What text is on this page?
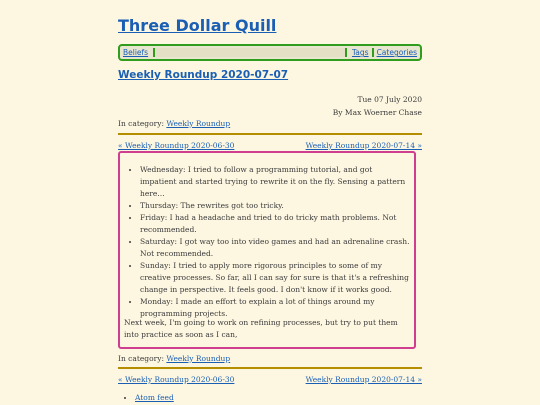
Three Dollar Quill
Beliefs	Tags	Categories
Weekly Roundup 2020-07-07
Tue 07 July 2020
By Max Woerner Chase
In category: Weekly Roundup
« Weekly Roundup 2020-06-30	Weekly Roundup 2020-07-14 »
• Wednesday: I tried to follow a programming tutorial, and got impatient and started trying to rewrite it on the fly. Sensing a pattern here…
• Thursday: The rewrites got too tricky.
• Friday: I had a headache and tried to do tricky math problems. Not recommended.
• Saturday: I got way too into video games and had an adrenaline crash. Not recommended.
• Sunday: I tried to apply more rigorous principles to some of my creative processes. So far, all I can say for sure is that it's a refreshing change in perspective. It feels good. I don't know if it works good.
• Monday: I made an effort to explain a lot of things around my programming projects.

Next week, I'm going to work on refining processes, but try to put them into practice as soon as I can,

In category: Weekly Roundup
« Weekly Roundup 2020-06-30	Weekly Roundup 2020-07-14 »
• Atom feed
